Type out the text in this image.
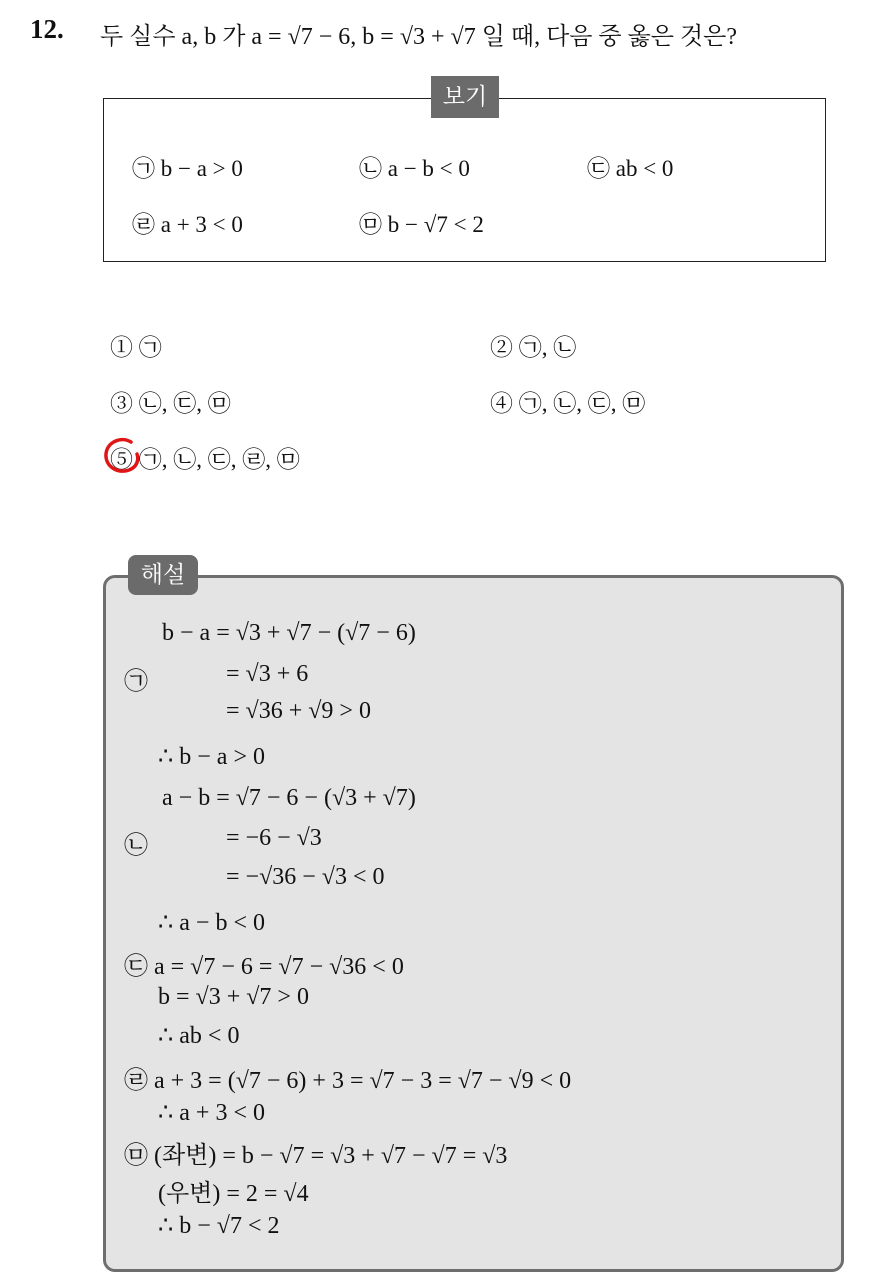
12. 두 실수 a, b 가 a = √7 − 6, b = √3 + √7 일 때, 다음 중 옳은 것은?
보기
㉠ b − a > 0	㉡ a − b < 0	㉢ ab < 0
㉣ a + 3 < 0	㉤ b − √7 < 2
① ㉠	② ㉠, ㉡
③ ㉡, ㉢, ㉤	④ ㉠, ㉡, ㉢, ㉤
⑤ ㉠, ㉡, ㉢, ㉣, ㉤
해설
㉠
b − a = √3 + √7 − (√7 − 6)
= √3 + 6
= √36 + √9 > 0
∴ b − a > 0
㉡
a − b = √7 − 6 − (√3 + √7)
= −6 − √3
= −√36 − √3 < 0
∴ a − b < 0
㉢ a = √7 − 6 = √7 − √36 < 0
b = √3 + √7 > 0
∴ ab < 0
㉣ a + 3 = (√7 − 6) + 3 = √7 − 3 = √7 − √9 < 0
∴ a + 3 < 0
㉤ (좌변) = b − √7 = √3 + √7 − √7 = √3
(우변) = 2 = √4
∴ b − √7 < 2
